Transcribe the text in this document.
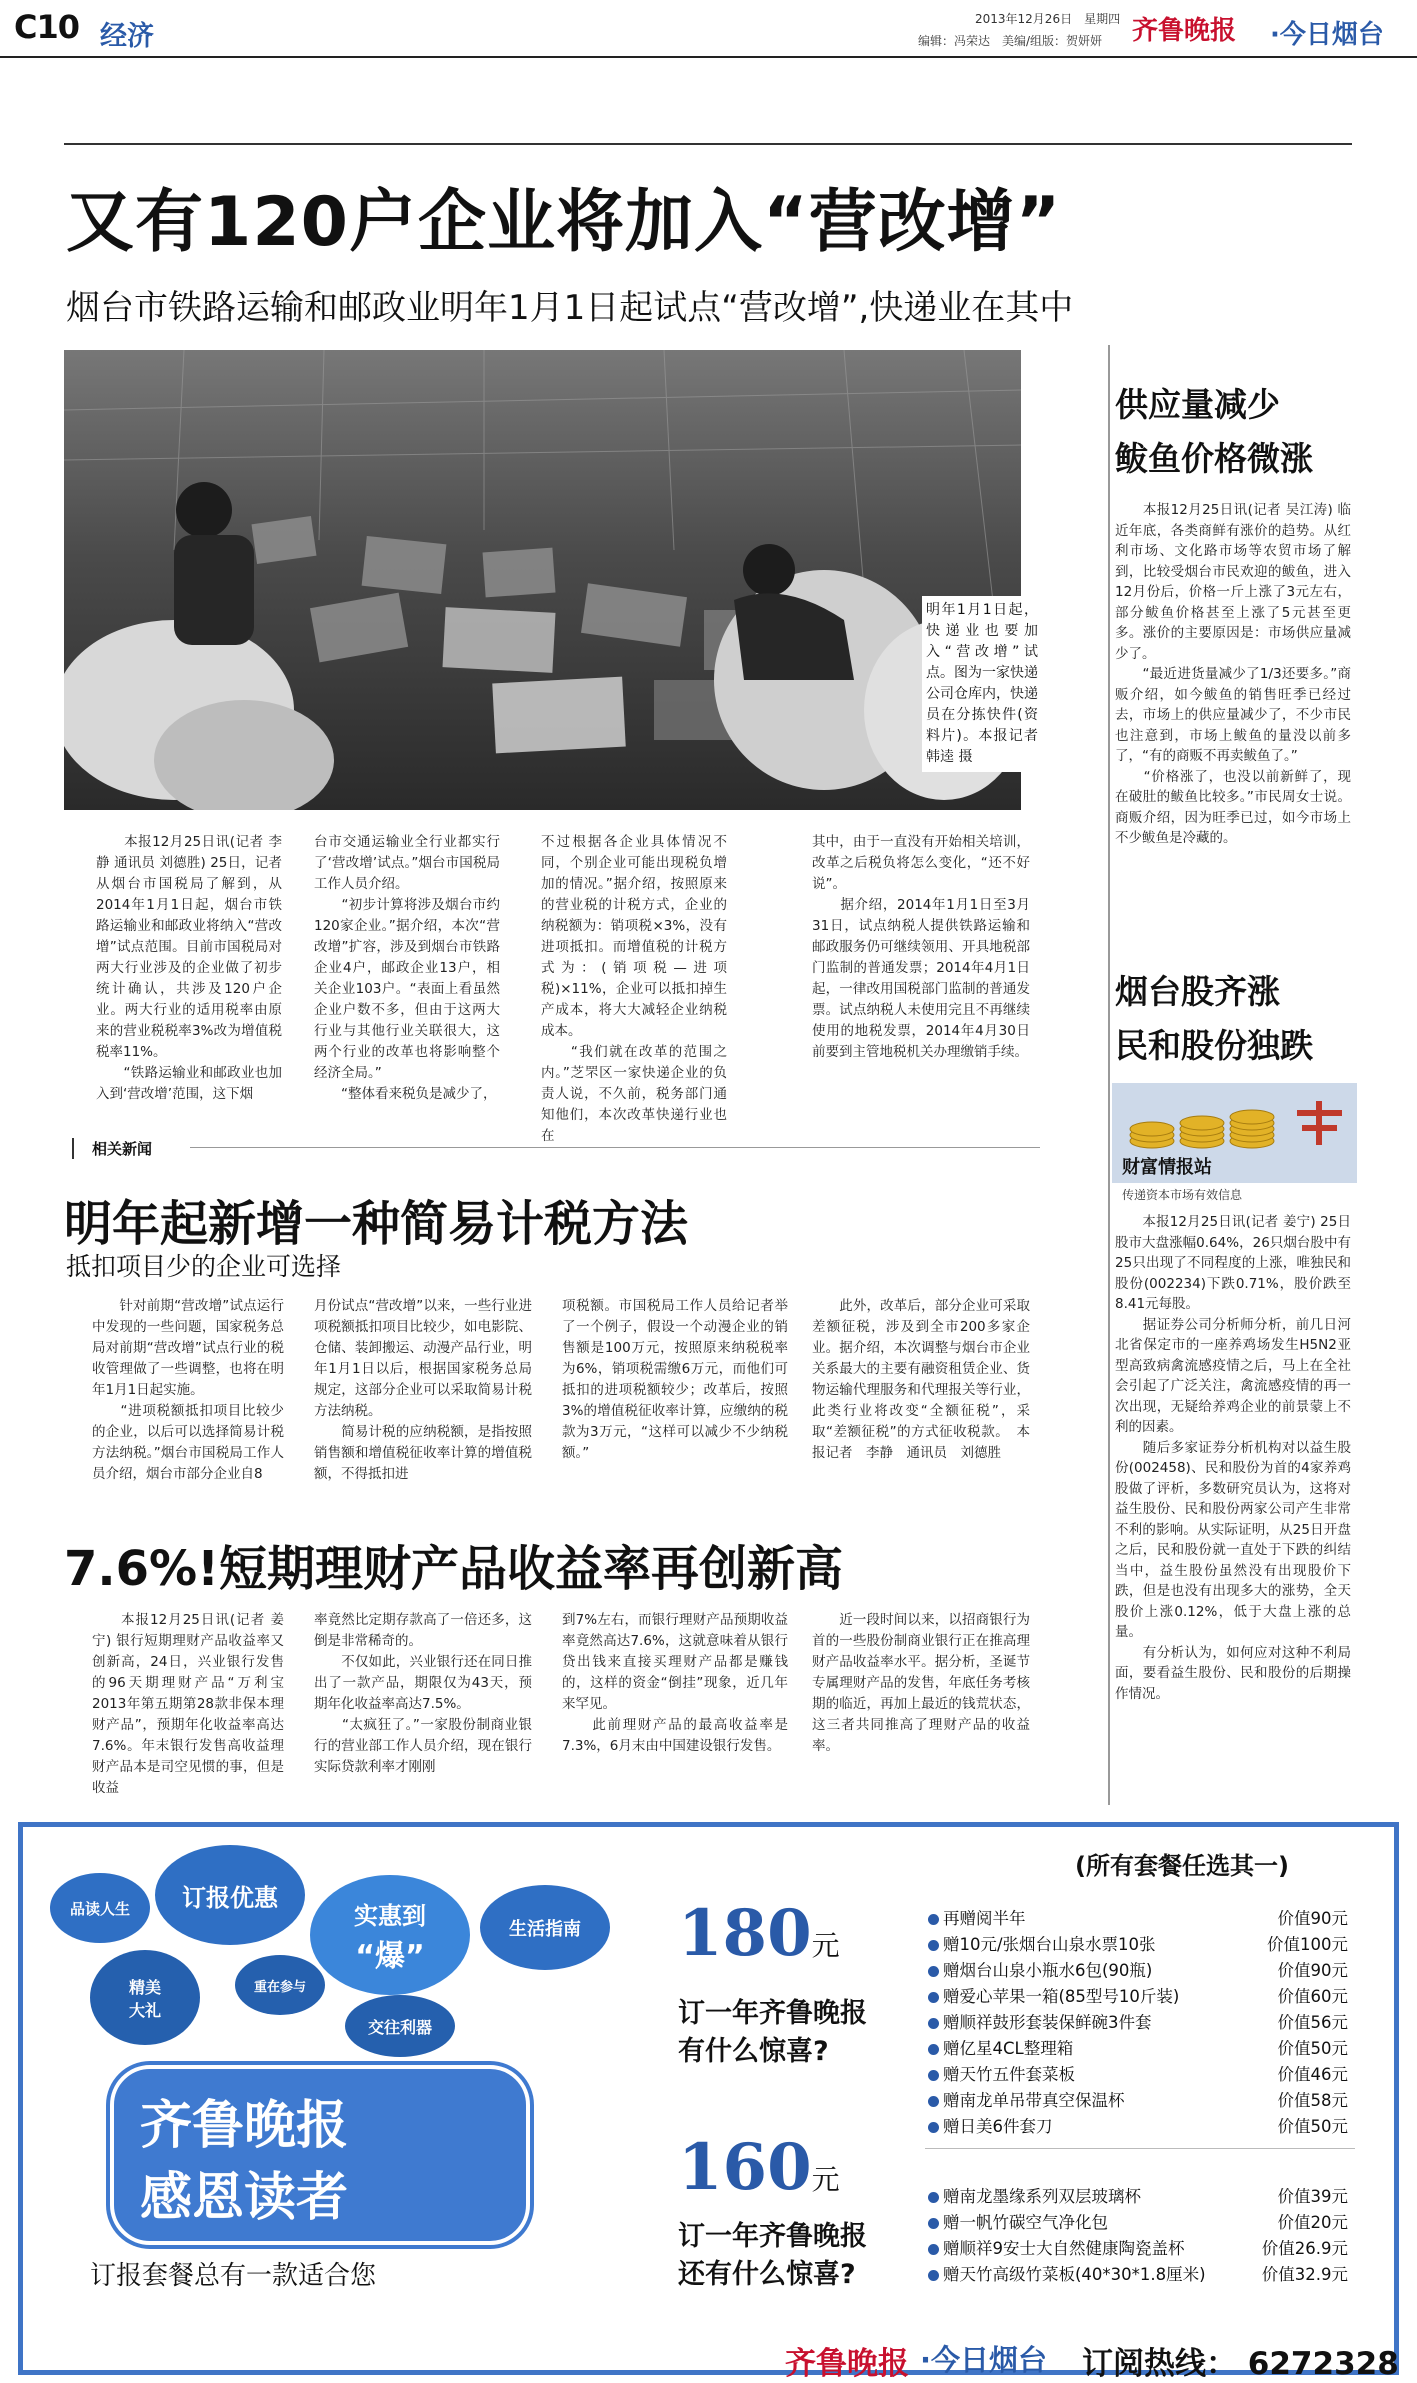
C10 经济
2013年12月26日　星期四
编辑：冯荣达　美编/组版：贺妍妍	齐鲁晚报 ·今日烟台
又有120户企业将加入“营改增”
烟台市铁路运输和邮政业明年1月1日起试点“营改增”,快递业在其中
明年1月1日起，快递业也要加入“营改增”试点。图为一家快递公司仓库内，快递员在分拣快件(资料片)。本报记者 韩逵 摄
　　本报12月25日讯(记者 李静 通讯员 刘德胜) 25日，记者从烟台市国税局了解到，从2014年1月1日起，烟台市铁路运输业和邮政业将纳入“营改增”试点范围。目前市国税局对两大行业涉及的企业做了初步统计确认，共涉及120户企业。两大行业的适用税率由原来的营业税税率3%改为增值税税率11%。
　　“铁路运输业和邮政业也加入到‘营改增’范围，这下烟
台市交通运输业全行业都实行了‘营改增’试点。”烟台市国税局工作人员介绍。
　　“初步计算将涉及烟台市约120家企业。”据介绍，本次“营改增”扩容，涉及到烟台市铁路企业4户，邮政企业13户，相关企业103户。“表面上看虽然企业户数不多，但由于这两大行业与其他行业关联很大，这两个行业的改革也将影响整个经济全局。”
　　“整体看来税负是减少了，
不过根据各企业具体情况不同，个别企业可能出现税负增加的情况。”据介绍，按照原来的营业税的计税方式，企业的纳税额为：销项税×3%，没有进项抵扣。而增值税的计税方式为：(销项税—进项税)×11%，企业可以抵扣掉生产成本，将大大减轻企业纳税成本。
　　“我们就在改革的范围之内。”芝罘区一家快递企业的负责人说，不久前，税务部门通知他们，本次改革快递行业也在
其中，由于一直没有开始相关培训，改革之后税负将怎么变化，“还不好说”。
　　据介绍，2014年1月1日至3月31日，试点纳税人提供铁路运输和邮政服务仍可继续领用、开具地税部门监制的普通发票；2014年4月1日起，一律改用国税部门监制的普通发票。试点纳税人未使用完且不再继续使用的地税发票，2014年4月30日前要到主管地税机关办理缴销手续。
供应量减少
鲅鱼价格微涨
　　本报12月25日讯(记者 吴江涛) 临近年底，各类商鲜有涨价的趋势。从红利市场、文化路市场等农贸市场了解到，比较受烟台市民欢迎的鲅鱼，进入12月份后，价格一斤上涨了3元左右，部分鲅鱼价格甚至上涨了5元甚至更多。涨价的主要原因是：市场供应量减少了。
　　“最近进货量减少了1/3还要多。”商贩介绍，如今鲅鱼的销售旺季已经过去，市场上的供应量减少了，不少市民也注意到，市场上鲅鱼的量没以前多了，“有的商贩不再卖鲅鱼了。”
　　“价格涨了，也没以前新鲜了，现在破肚的鲅鱼比较多。”市民周女士说。商贩介绍，因为旺季已过，如今市场上不少鲅鱼是冷藏的。
烟台股齐涨
民和股份独跌
财富情报站
传递资本市场有效信息
　　本报12月25日讯(记者 姜宁) 25日股市大盘涨幅0.64%，26只烟台股中有25只出现了不同程度的上涨，唯独民和股份(002234)下跌0.71%，股价跌至8.41元每股。
　　据证券公司分析师分析，前几日河北省保定市的一座养鸡场发生H5N2亚型高致病禽流感疫情之后，马上在全社会引起了广泛关注，禽流感疫情的再一次出现，无疑给养鸡企业的前景蒙上不利的因素。
　　随后多家证券分析机构对以益生股份(002458)、民和股份为首的4家养鸡股做了评析，多数研究员认为，这将对益生股份、民和股份两家公司产生非常不利的影响。从实际证明，从25日开盘之后，民和股份就一直处于下跌的纠结当中，益生股份虽然没有出现股价下跌，但是也没有出现多大的涨势，全天股价上涨0.12%，低于大盘上涨的总量。
　　有分析认为，如何应对这种不利局面，要看益生股份、民和股份的后期操作情况。
相关新闻
明年起新增一种简易计税方法
抵扣项目少的企业可选择
　　针对前期“营改增”试点运行中发现的一些问题，国家税务总局对前期“营改增”试点行业的税收管理做了一些调整，也将在明年1月1日起实施。
　　“进项税额抵扣项目比较少的企业，以后可以选择简易计税方法纳税。”烟台市国税局工作人员介绍，烟台市部分企业自8
月份试点“营改增”以来，一些行业进项税额抵扣项目比较少，如电影院、仓储、装卸搬运、动漫产品行业，明年1月1日以后，根据国家税务总局规定，这部分企业可以采取简易计税方法纳税。
　　简易计税的应纳税额，是指按照销售额和增值税征收率计算的增值税额，不得抵扣进
项税额。市国税局工作人员给记者举了一个例子，假设一个动漫企业的销售额是100万元，按照原来纳税税率为6%，销项税需缴6万元，而他们可抵扣的进项税额较少；改革后，按照3%的增值税征收率计算，应缴纳的税款为3万元，“这样可以减少不少纳税额。”
　　此外，改革后，部分企业可采取差额征税，涉及到全市200多家企业。据介绍，本次调整与烟台市企业关系最大的主要有融资租赁企业、货物运输代理服务和代理报关等行业，此类行业将改变“全额征税”，采取“差额征税”的方式征收税款。　本报记者　李静　通讯员　刘德胜
7.6%!短期理财产品收益率再创新高
　　本报12月25日讯(记者 姜宁) 银行短期理财产品收益率又创新高，24日，兴业银行发售的96天期理财产品“万利宝2013年第五期第28款非保本理财产品”，预期年化收益率高达7.6%。年末银行发售高收益理财产品本是司空见惯的事，但是收益
率竟然比定期存款高了一倍还多，这倒是非常稀奇的。
　　不仅如此，兴业银行还在同日推出了一款产品，期限仅为43天，预期年化收益率高达7.5%。
　　“太疯狂了。”一家股份制商业银行的营业部工作人员介绍，现在银行实际贷款利率才刚刚
到7%左右，而银行理财产品预期收益率竟然高达7.6%，这就意味着从银行贷出钱来直接买理财产品都是赚钱的，这样的资金“倒挂”现象，近几年来罕见。
　　此前理财产品的最高收益率是7.3%，6月末由中国建设银行发售。
　　近一段时间以来，以招商银行为首的一些股份制商业银行正在推高理财产品收益率水平。据分析，圣诞节专属理财产品的发售，年底任务考核期的临近，再加上最近的钱荒状态，这三者共同推高了理财产品的收益率。
品读人生	订报优惠
实惠到
“爆”
生活指南
精美
大礼
重在参与
交往利器
齐鲁晚报
感恩读者
订报套餐总有一款适合您
(所有套餐任选其一)
180元
订一年齐鲁晚报
有什么惊喜?
再赠阅半年	价值90元
赠10元/张烟台山泉水票10张	价值100元
赠烟台山泉小瓶水6包(90瓶)	价值90元
赠爱心苹果一箱(85型号10斤装)	价值60元
赠顺祥鼓形套装保鲜碗3件套	价值56元
赠亿星4CL整理箱	价值50元
赠天竹五件套菜板	价值46元
赠南龙单吊带真空保温杯	价值58元
赠日美6件套刀	价值50元
160元
订一年齐鲁晚报
还有什么惊喜?
赠南龙墨缘系列双层玻璃杯	价值39元
赠一帆竹碳空气净化包	价值20元
赠顺祥9安士大自然健康陶瓷盖杯	价值26.9元
赠天竹高级竹菜板(40*30*1.8厘米)	价值32.9元
齐鲁晚报 ·今日烟台 订阅热线： 6272328
